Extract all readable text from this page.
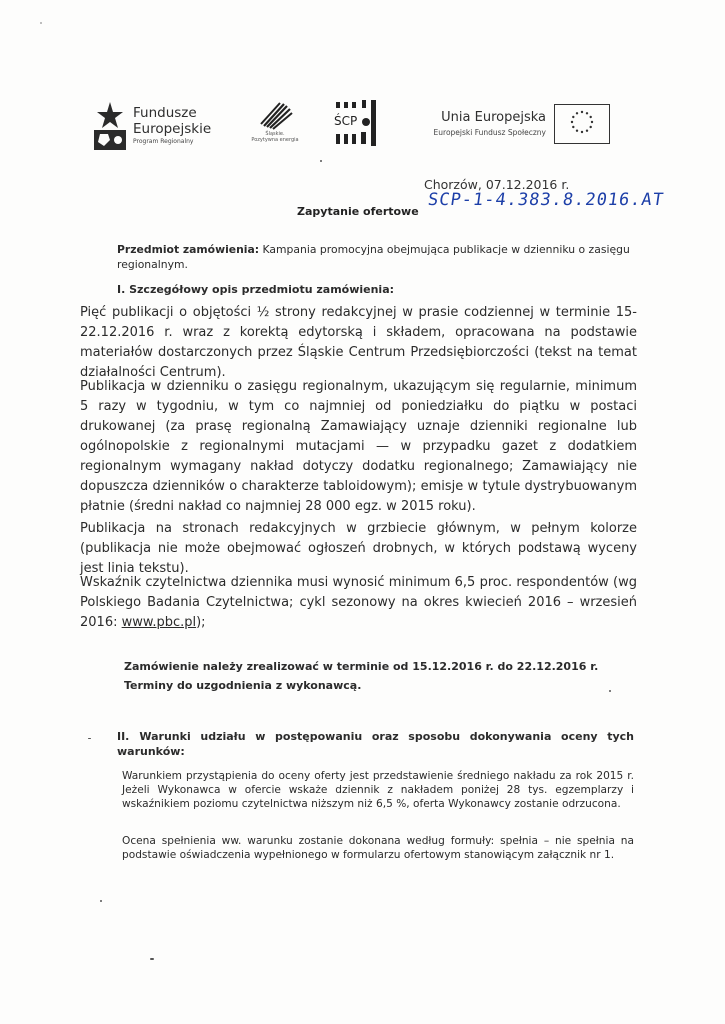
Fundusze
Europejskie
Program Regionalny
Śląskie.
Pozytywna energia
ŚCP	Unia Europejska
Europejski Fundusz Społeczny
Chorzów, 07.12.2016 r.
SCP-1-4.383.8.2016.AT
Zapytanie ofertowe
Przedmiot zamówienia: Kampania promocyjna obejmująca publikacje w dzienniku o zasięgu regionalnym.
I. Szczegółowy opis przedmiotu zamówienia:
Pięć publikacji o objętości ½ strony redakcyjnej w prasie codziennej w terminie 15-22.12.2016 r. wraz z korektą edytorską i składem, opracowana na podstawie materiałów dostarczonych przez Śląskie Centrum Przedsiębiorczości (tekst na temat działalności Centrum).
Publikacja w dzienniku o zasięgu regionalnym, ukazującym się regularnie, minimum 5 razy w tygodniu, w tym co najmniej od poniedziałku do piątku w postaci drukowanej (za prasę regionalną Zamawiający uznaje dzienniki regionalne lub ogólnopolskie z regionalnymi mutacjami — w przypadku gazet z dodatkiem regionalnym wymagany nakład dotyczy dodatku regionalnego; Zamawiający nie dopuszcza dzienników o charakterze tabloidowym); emisje w tytule dystrybuowanym płatnie (średni nakład co najmniej 28 000 egz. w 2015 roku).
Publikacja na stronach redakcyjnych w grzbiecie głównym, w pełnym kolorze (publikacja nie może obejmować ogłoszeń drobnych, w których podstawą wyceny jest linia tekstu).
Wskaźnik czytelnictwa dziennika musi wynosić minimum 6,5 proc. respondentów (wg Polskiego Badania Czytelnictwa; cykl sezonowy na okres kwiecień 2016 – wrzesień 2016: www.pbc.pl);
Zamówienie należy zrealizować w terminie od 15.12.2016 r. do 22.12.2016 r.
Terminy do uzgodnienia z wykonawcą.
II. Warunki udziału w postępowaniu oraz sposobu dokonywania oceny tych warunków:
Warunkiem przystąpienia do oceny oferty jest przedstawienie średniego nakładu za rok 2015 r. Jeżeli Wykonawca w ofercie wskaże dziennik z nakładem poniżej 28 tys. egzemplarzy i wskaźnikiem poziomu czytelnictwa niższym niż 6,5 %, oferta Wykonawcy zostanie odrzucona.
Ocena spełnienia ww. warunku zostanie dokonana według formuły: spełnia – nie spełnia na podstawie oświadczenia wypełnionego w formularzu ofertowym stanowiącym załącznik nr 1.
